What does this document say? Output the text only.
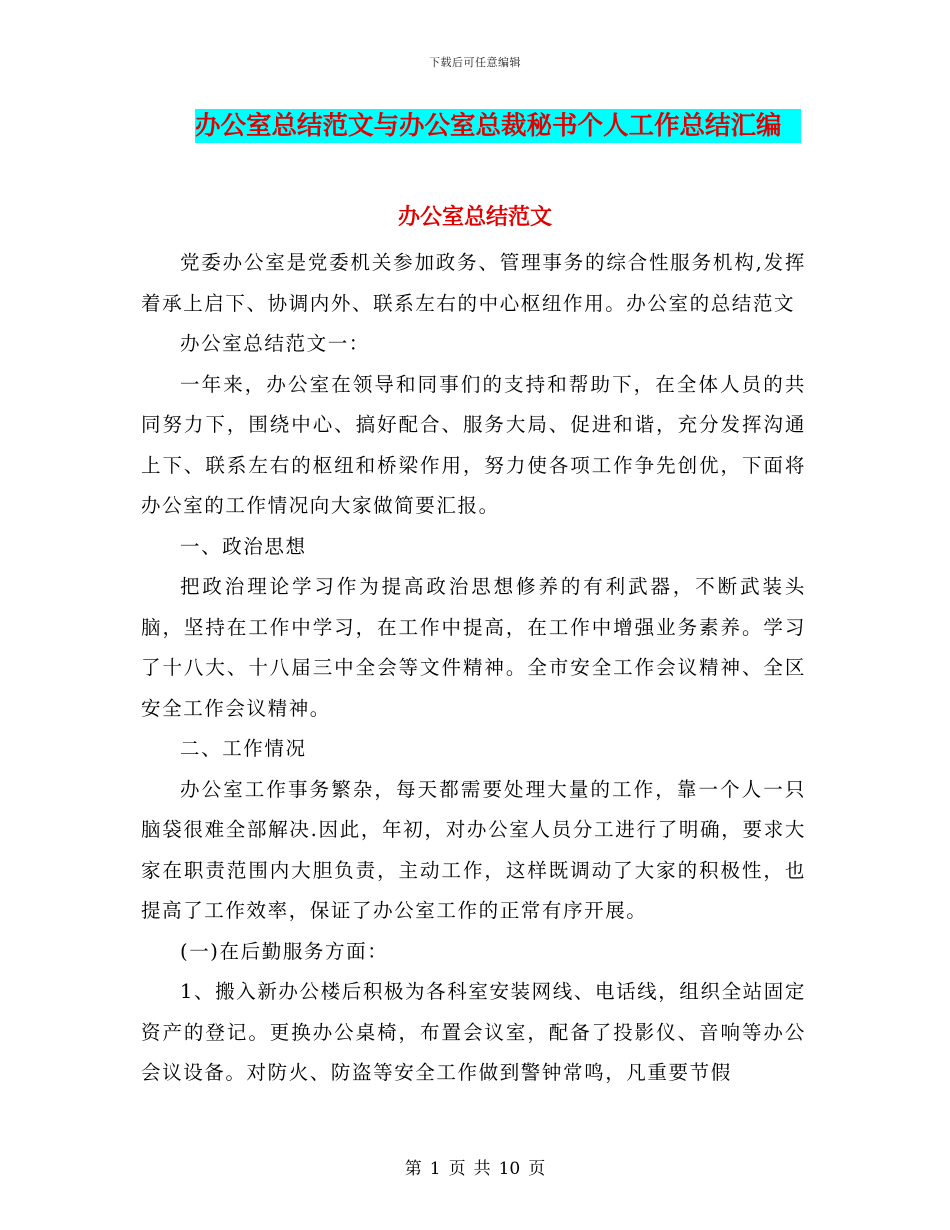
下载后可任意编辑
办公室总结范文与办公室总裁秘书个人工作总结汇编
办公室总结范文

党委办公室是党委机关参加政务、管理事务的综合性服务机构,发挥着承上启下、协调内外、联系左右的中心枢纽作用。办公室的总结范文

办公室总结范文一：

一年来，办公室在领导和同事们的支持和帮助下，在全体人员的共同努力下，围绕中心、搞好配合、服务大局、促进和谐，充分发挥沟通上下、联系左右的枢纽和桥梁作用，努力使各项工作争先创优，下面将办公室的工作情况向大家做简要汇报。

一、政治思想

把政治理论学习作为提高政治思想修养的有利武器，不断武装头脑，坚持在工作中学习，在工作中提高，在工作中增强业务素养。学习了十八大、十八届三中全会等文件精神。全市安全工作会议精神、全区安全工作会议精神。

二、工作情况

办公室工作事务繁杂，每天都需要处理大量的工作，靠一个人一只脑袋很难全部解决.因此，年初，对办公室人员分工进行了明确，要求大家在职责范围内大胆负责，主动工作，这样既调动了大家的积极性，也提高了工作效率，保证了办公室工作的正常有序开展。

(一)在后勤服务方面：

1、搬入新办公楼后积极为各科室安装网线、电话线，组织全站固定资产的登记。更换办公桌椅，布置会议室，配备了投影仪、音响等办公会议设备。对防火、防盗等安全工作做到警钟常鸣，凡重要节假

第 1 页 共 10 页
